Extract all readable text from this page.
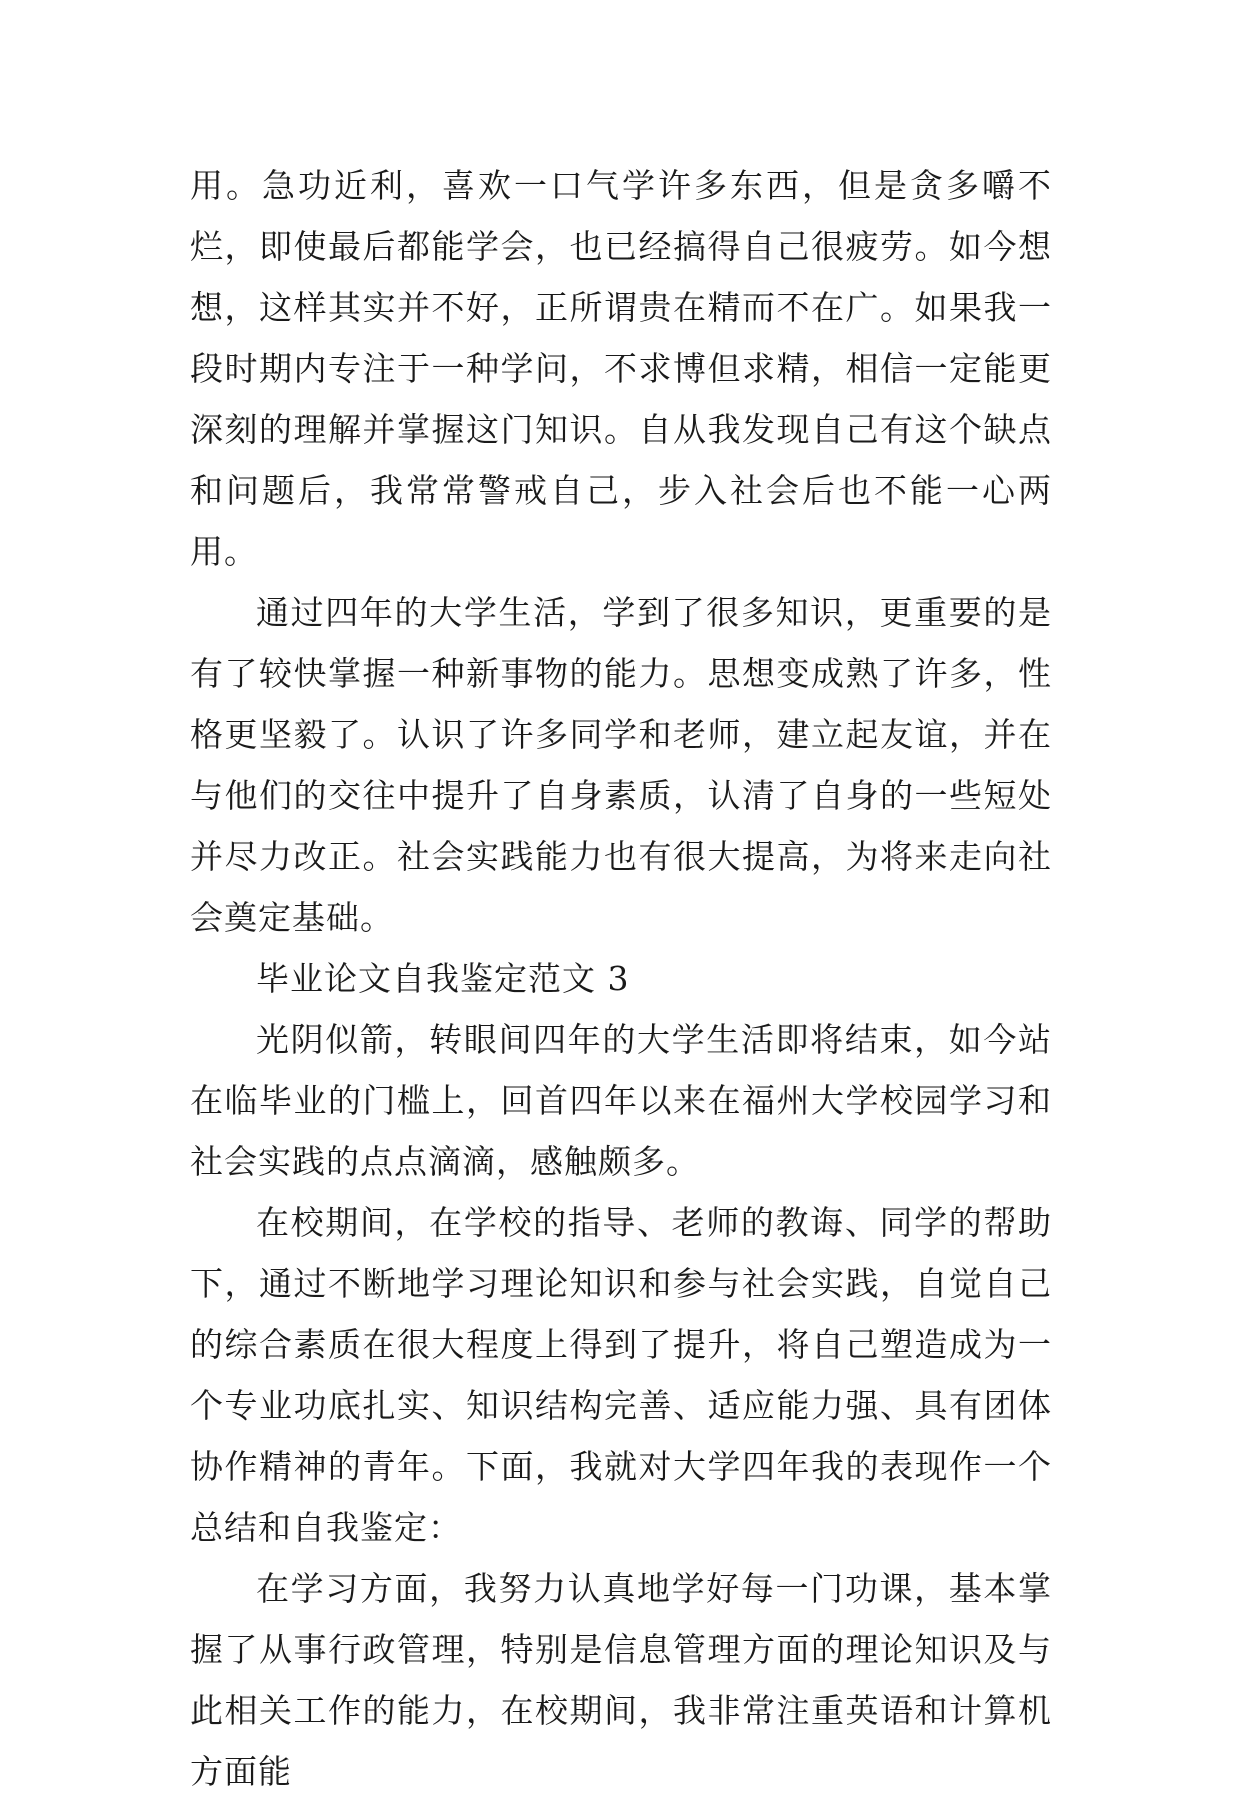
用。急功近利，喜欢一口气学许多东西，但是贪多嚼不烂，即使最后都能学会，也已经搞得自己很疲劳。如今想想，这样其实并不好，正所谓贵在精而不在广。如果我一段时期内专注于一种学问，不求博但求精，相信一定能更深刻的理解并掌握这门知识。自从我发现自己有这个缺点和问题后，我常常警戒自己，步入社会后也不能一心两用。

通过四年的大学生活，学到了很多知识，更重要的是有了较快掌握一种新事物的能力。思想变成熟了许多，性格更坚毅了。认识了许多同学和老师，建立起友谊，并在与他们的交往中提升了自身素质，认清了自身的一些短处并尽力改正。社会实践能力也有很大提高，为将来走向社会奠定基础。

毕业论文自我鉴定范文 3

光阴似箭，转眼间四年的大学生活即将结束，如今站在临毕业的门槛上，回首四年以来在福州大学校园学习和社会实践的点点滴滴，感触颇多。

在校期间，在学校的指导、老师的教诲、同学的帮助下，通过不断地学习理论知识和参与社会实践，自觉自己的综合素质在很大程度上得到了提升，将自己塑造成为一个专业功底扎实、知识结构完善、适应能力强、具有团体协作精神的青年。下面，我就对大学四年我的表现作一个总结和自我鉴定：

在学习方面，我努力认真地学好每一门功课，基本掌握了从事行政管理，特别是信息管理方面的理论知识及与此相关工作的能力，在校期间，我非常注重英语和计算机方面能
